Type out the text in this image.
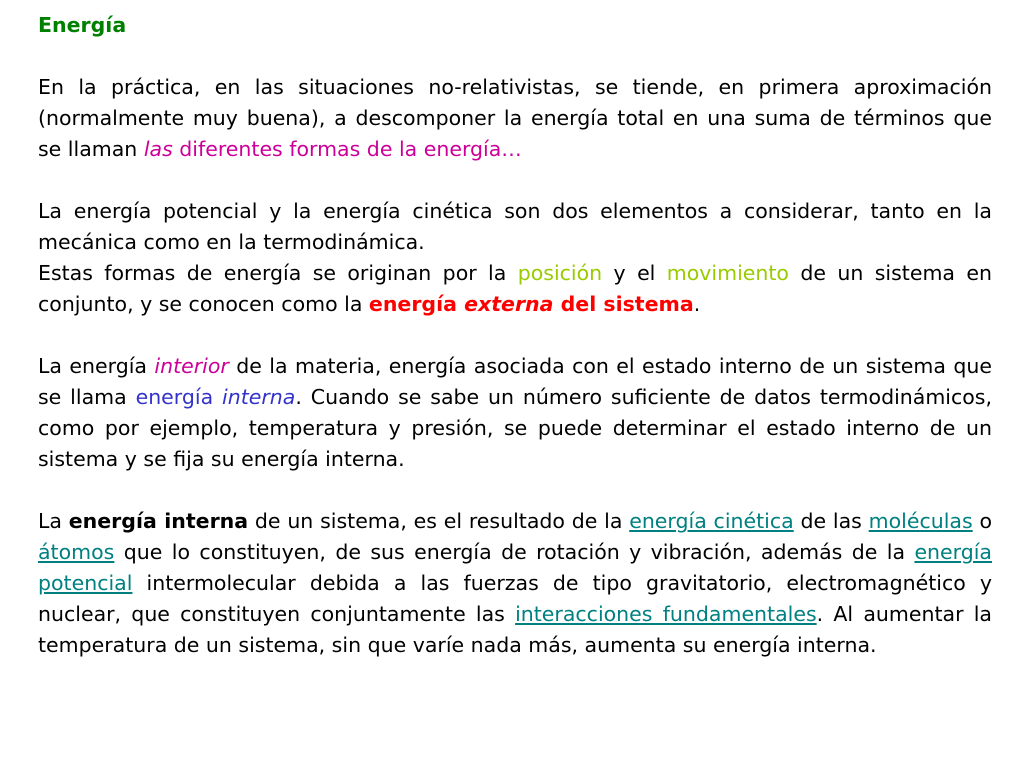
Energía

En la práctica, en las situaciones no-relativistas, se tiende, en primera aproximación (normalmente muy buena), a descomponer la energía total en una suma de términos que se llaman las diferentes formas de la energía…

La energía potencial y la energía cinética son dos elementos a considerar, tanto en la mecánica como en la termodinámica.

Estas formas de energía se originan por la posición y el movimiento de un sistema en conjunto, y se conocen como la energía externa del sistema.

La energía interior de la materia, energía asociada con el estado interno de un sistema que se llama energía interna. Cuando se sabe un número suficiente de datos termodinámicos, como por ejemplo, temperatura y presión, se puede determinar el estado interno de un sistema y se fija su energía interna.

La energía interna de un sistema, es el resultado de la energía cinética de las moléculas o átomos que lo constituyen, de sus energía de rotación y vibración, además de la energía potencial intermolecular debida a las fuerzas de tipo gravitatorio, electromagnético y nuclear, que constituyen conjuntamente las interacciones fundamentales. Al aumentar la temperatura de un sistema, sin que varíe nada más, aumenta su energía interna.
